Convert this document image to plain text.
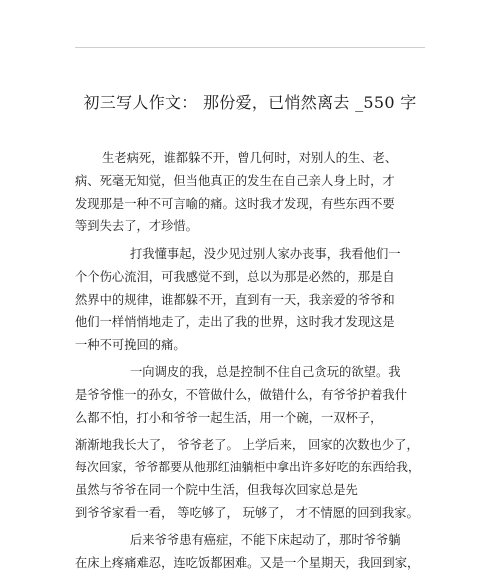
初三写人作文： 那份爱，已悄然离去 _550 字
生老病死，谁都躲不开，曾几何时，对别人的生、老、
病、死毫无知觉，但当他真正的发生在自己亲人身上时，才
发现那是一种不可言喻的痛。这时我才发现，有些东西不要
等到失去了，才珍惜。
打我懂事起，没少见过别人家办丧事，我看他们一
个个伤心流泪，可我感觉不到，总以为那是必然的，那是自
然界中的规律，谁都躲不开，直到有一天，我亲爱的爷爷和
他们一样悄悄地走了，走出了我的世界，这时我才发现这是
一种不可挽回的痛。
一向调皮的我，总是控制不住自己贪玩的欲望。我
是爷爷惟一的孙女，不管做什么，做错什么，有爷爷护着我什
么都不怕，打小和爷爷一起生活，用一个碗，一双杯子，
渐渐地我长大了， 爷爷老了。 上学后来， 回家的次数也少了，
每次回家，爷爷都要从他那红油躺柜中拿出许多好吃的东西给我，
虽然与爷爷在同一个院中生活，但我每次回家总是先
到爷爷家看一看， 等吃够了， 玩够了， 才不情愿的回到我家。
后来爷爷患有癌症，不能下床起动了，那时爷爷躺
在床上疼痛难忍，连吃饭都困难。又是一个星期天，我回到家，
